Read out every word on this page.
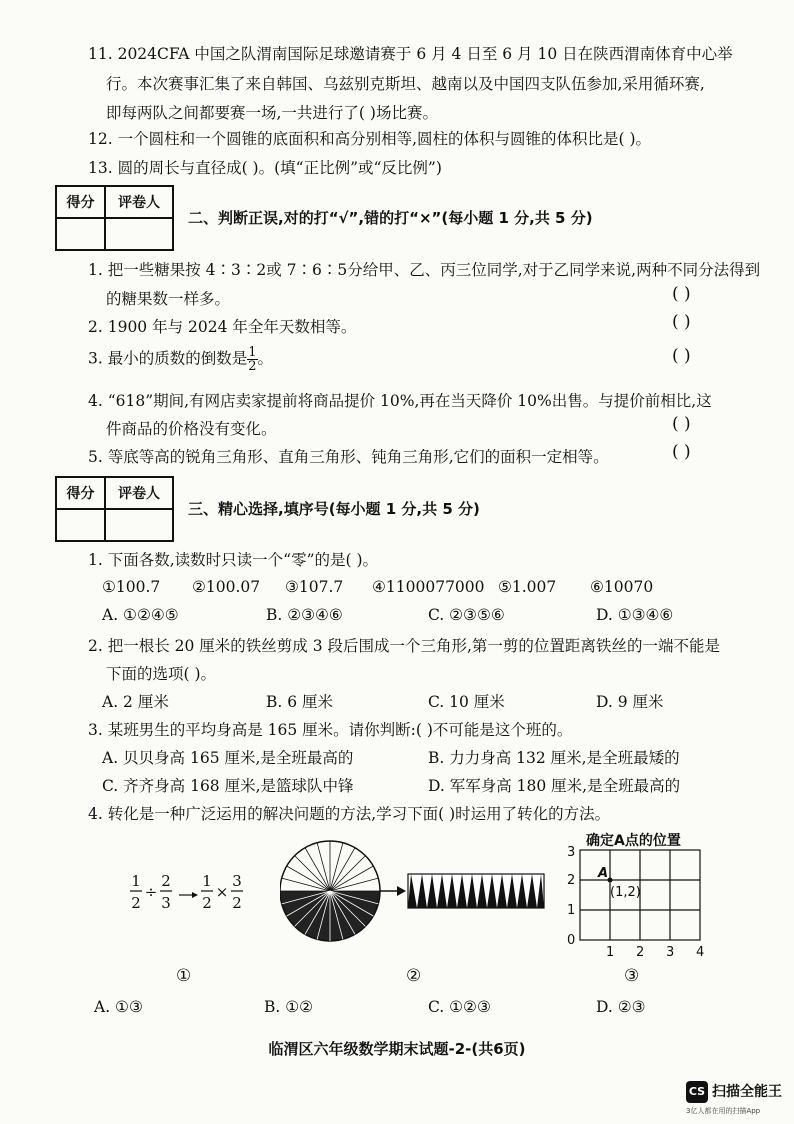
11. 2024CFA 中国之队渭南国际足球邀请赛于 6 月 4 日至 6 月 10 日在陕西渭南体育中心举
行。本次赛事汇集了来自韩国、乌兹别克斯坦、越南以及中国四支队伍参加,采用循环赛,
即每两队之间都要赛一场,一共进行了( )场比赛。
12. 一个圆柱和一个圆锥的底面积和高分别相等,圆柱的体积与圆锥的体积比是( )。
13. 圆的周长与直径成( )。(填“正比例”或“反比例”)
得分	评卷人

二、判断正误,对的打“√”,错的打“×”(每小题 1 分,共 5 分)
1. 把一些糖果按 4∶3∶2或 7∶6∶5分给甲、乙、丙三位同学,对于乙同学来说,两种不同分法得到
的糖果数一样多。	( )
2. 1900 年与 2024 年全年天数相等。	( )
3. 最小的质数的倒数是 $\frac{1}{2}$ 。	( )
4. “618”期间,有网店卖家提前将商品提价 10%,再在当天降价 10%出售。与提价前相比,这
件商品的价格没有变化。	( )
5. 等底等高的锐角三角形、直角三角形、钝角三角形,它们的面积一定相等。	( )
得分	评卷人

三、精心选择,填序号(每小题 1 分,共 5 分)
1. 下面各数,读数时只读一个“零”的是( )。
①100.7 ②100.07 ③107.7 ④1100077000 ⑤1.007 ⑥10070
A. ①②④⑤	B. ②③④⑥	C. ②③⑤⑥	D. ①③④⑥
2. 把一根长 20 厘米的铁丝剪成 3 段后围成一个三角形,第一剪的位置距离铁丝的一端不能是
下面的选项( )。
A. 2 厘米	B. 6 厘米	C. 10 厘米	D. 9 厘米
3. 某班男生的平均身高是 165 厘米。请你判断:( )不可能是这个班的。
A. 贝贝身高 165 厘米,是全班最高的	B. 力力身高 132 厘米,是全班最矮的
C. 齐齐身高 168 厘米,是篮球队中锋	D. 军军身高 180 厘米,是全班最高的
4. 转化是一种广泛运用的解决问题的方法,学习下面( )时运用了转化的方法。
1
2
÷
2
3
1
2
×
3
2
①	②
确定A点的位置
A
(1,2)
1 2 3 4
0
1
2
3
③
A. ①③	B. ①②	C. ①②③	D. ②③
临渭区六年级数学期末试题-2-(共6页)
CS 扫描全能王
3亿人都在用的扫描App
